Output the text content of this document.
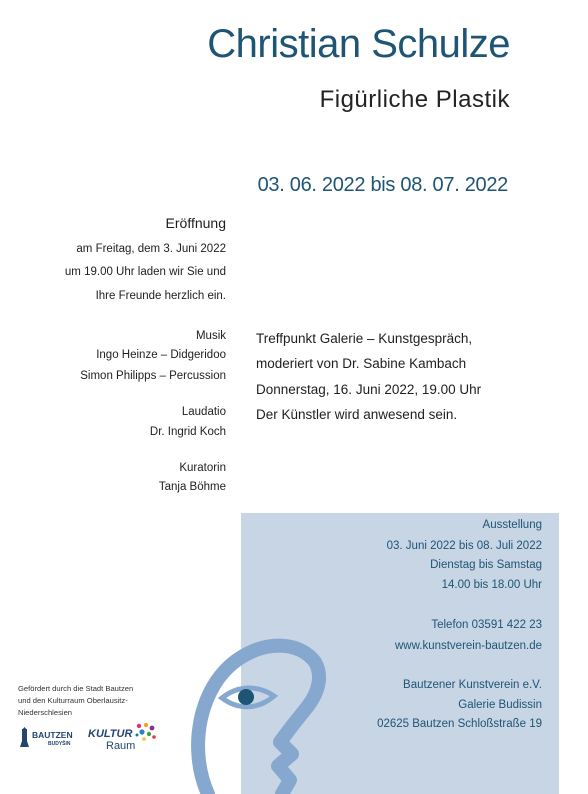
Christian Schulze
Figürliche Plastik
03. 06. 2022 bis 08. 07. 2022
Eröffnung
am Freitag, dem 3. Juni 2022
um 19.00 Uhr laden wir Sie und
Ihre Freunde herzlich ein.
Musik
Ingo Heinze – Didgeridoo
Simon Philipps – Percussion
Laudatio
Dr. Ingrid Koch
Kuratorin
Tanja Böhme
Treffpunkt Galerie – Kunstgespräch,
moderiert von Dr. Sabine Kambach
Donnerstag, 16. Juni 2022, 19.00 Uhr
Der Künstler wird anwesend sein.
Ausstellung
03. Juni 2022 bis 08. Juli 2022
Dienstag bis Samstag
14.00 bis 18.00 Uhr
Telefon 03591 422 23
www.kunstverein-bautzen.de
Bautzener Kunstverein e.V.
Galerie Budissin
02625 Bautzen Schloßstraße 19
Gefördert durch die Stadt Bautzen
und den Kulturraum Oberlausitz-
Niederschlesien
BAUTZEN
BUDYŠIN
KULTUR
Raum
